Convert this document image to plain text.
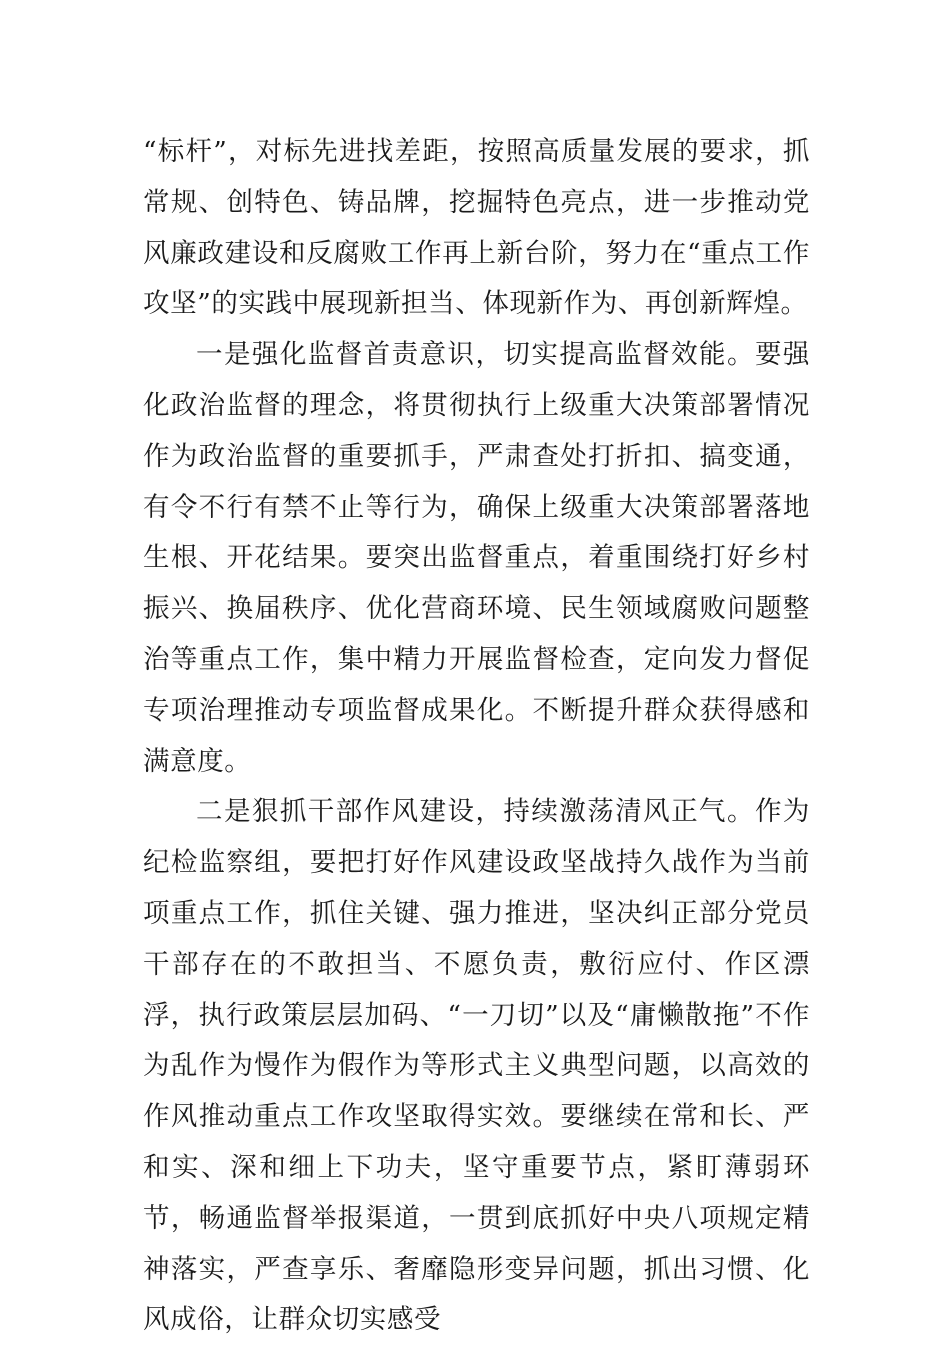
“标杆”，对标先进找差距，按照高质量发展的要求，抓常规、创特色、铸品牌，挖掘特色亮点，进一步推动党风廉政建设和反腐败工作再上新台阶，努力在“重点工作攻坚”的实践中展现新担当、体现新作为、再创新辉煌。

一是强化监督首责意识，切实提高监督效能。要强化政治监督的理念，将贯彻执行上级重大决策部署情况作为政治监督的重要抓手，严肃查处打折扣、搞变通，有令不行有禁不止等行为，确保上级重大决策部署落地生根、开花结果。要突出监督重点，着重围绕打好乡村振兴、换届秩序、优化营商环境、民生领域腐败问题整治等重点工作，集中精力开展监督检查，定向发力督促专项治理推动专项监督成果化。不断提升群众获得感和满意度。

二是狠抓干部作风建设，持续激荡清风正气。作为纪检监察组，要把打好作风建设政坚战持久战作为当前项重点工作，抓住关键、强力推进，坚决纠正部分党员干部存在的不敢担当、不愿负责，敷衍应付、作区漂浮，执行政策层层加码、“一刀切”以及“庸懒散拖”不作为乱作为慢作为假作为等形式主义典型问题，以高效的作风推动重点工作攻坚取得实效。要继续在常和长、严和实、深和细上下功夫，坚守重要节点，紧盯薄弱环节，畅通监督举报渠道，一贯到底抓好中央八项规定精神落实，严查享乐、奢靡隐形变异问题，抓出习惯、化风成俗，让群众切实感受
